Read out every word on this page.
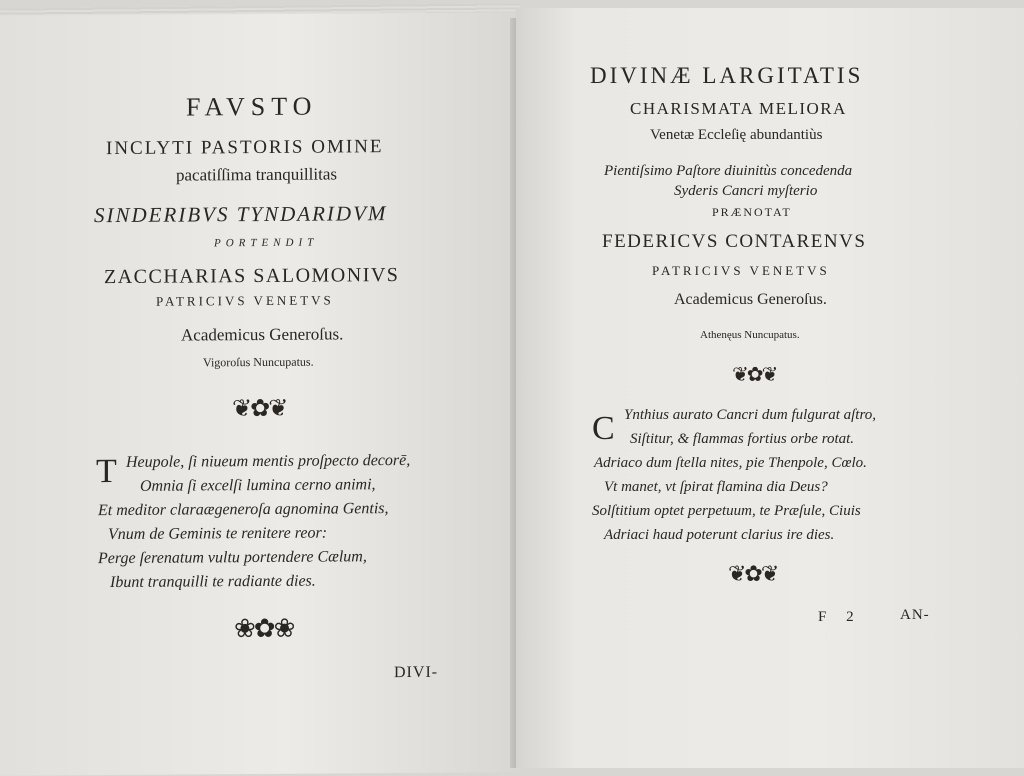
FAVSTO
INCLYTI PASTORIS OMINE
pacatiſſima tranquillitas
SINDERIBVS TYNDARIDVM
PORTENDIT
ZACCHARIAS SALOMONIVS
PATRICIVS VENETVS
Academicus Generoſus.
Vigoroſus Nuncupatus.
❦✿❦
T Heupole, ſi niueum mentis proſpecto decorē,
Omnia ſi excelſi lumina cerno animi,
Et meditor claraægeneroſa agnomina Gentis,
Vnum de Geminis te renitere reor:
Perge ſerenatum vultu portendere Cælum,
Ibunt tranquilli te radiante dies.
❀✿❀
DIVI-
DIVINÆ LARGITATIS
CHARISMATA MELIORA
Venetæ Eccleſię abundantiùs
Pientiſsimo Paſtore diuinitùs concedenda
Syderis Cancri myſterio
PRÆNOTAT
FEDERICVS CONTARENVS
PATRICIVS VENETVS
Academicus Generoſus.
Athenęus Nuncupatus.
❦✿❦
C Ynthius aurato Cancri dum fulgurat aſtro,
Siſtitur, & flammas fortius orbe rotat.
Adriaco dum ſtella nites, pie Thenpole, Cœlo.
Vt manet, vt ſpirat flamina dia Deus?
Solſtitium optet perpetuum, te Præſule, Ciuis
Adriaci haud poterunt clarius ire dies.
❦✿❦
F 2	AN-
